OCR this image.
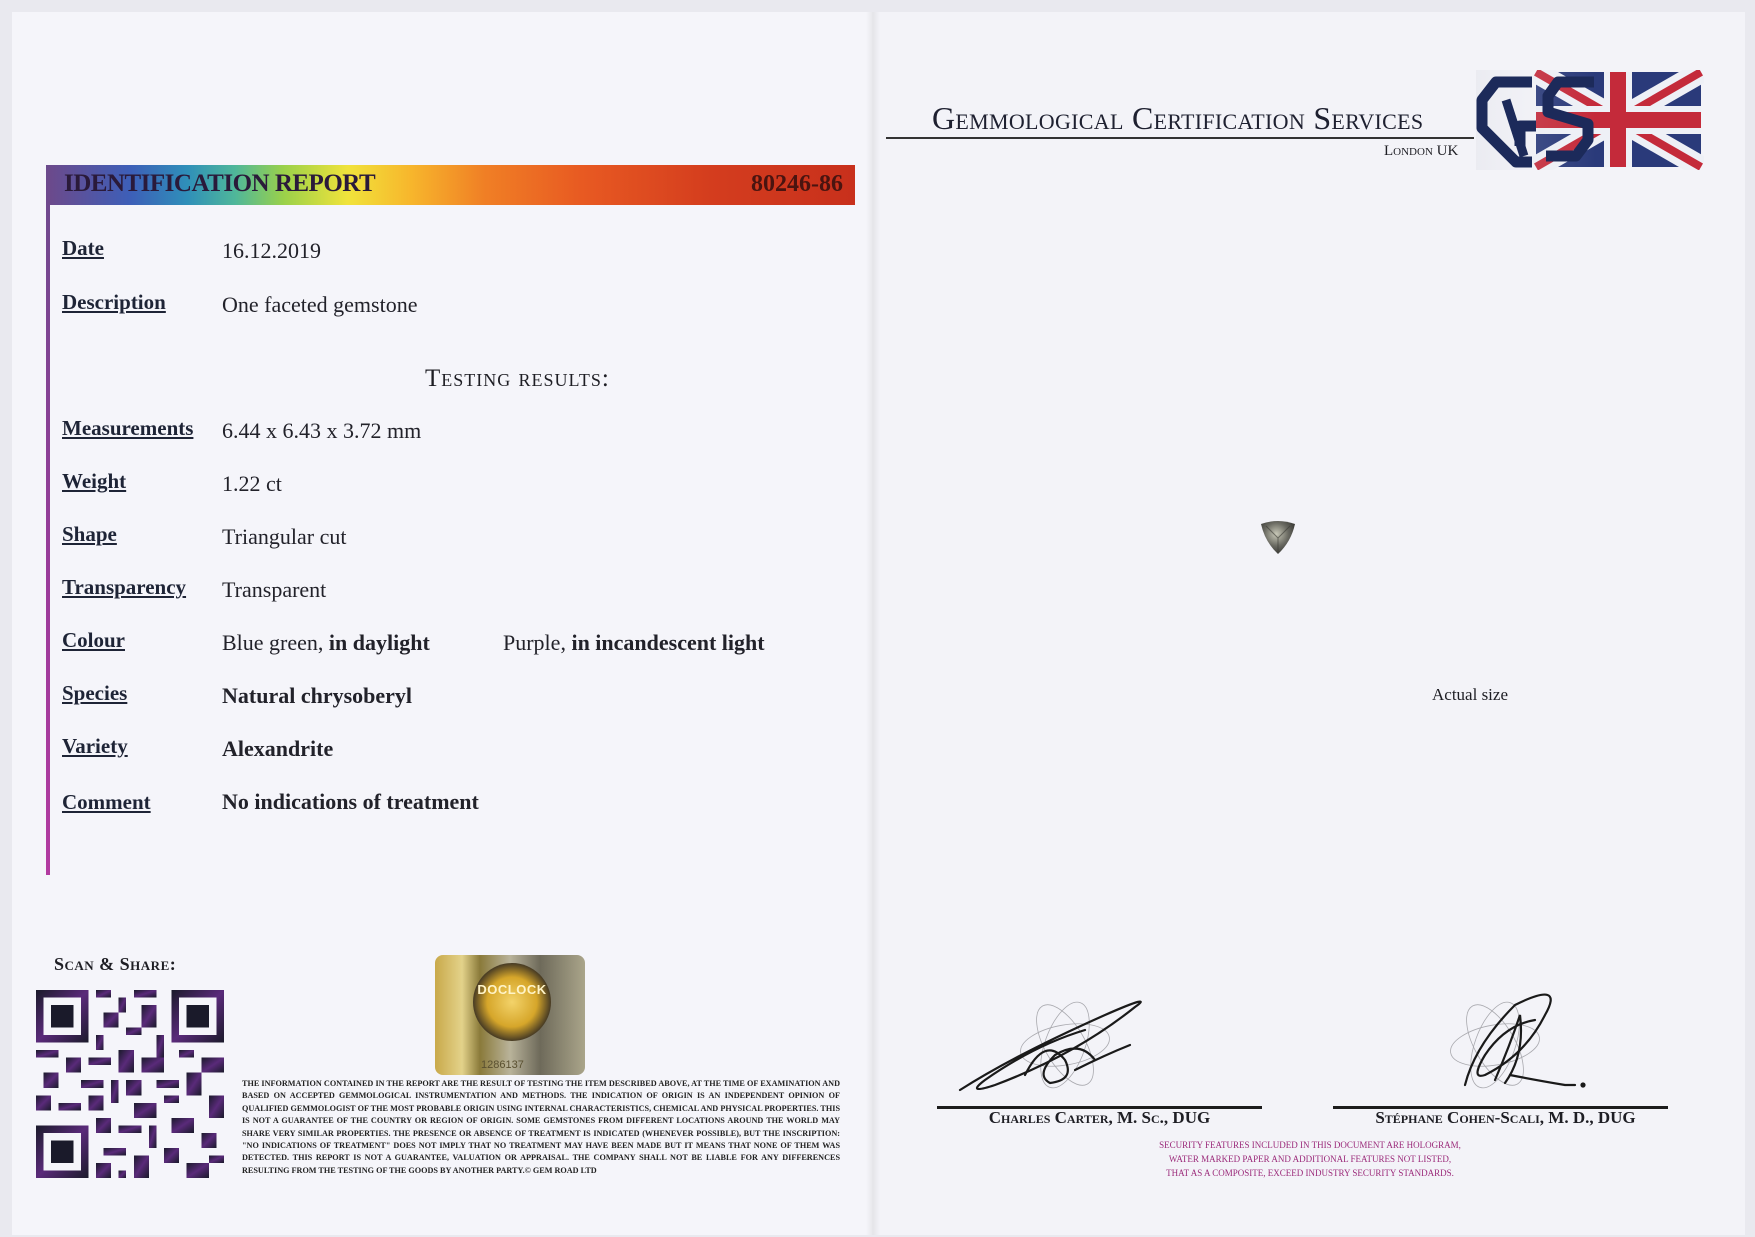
IDENTIFICATION REPORT	80246-86
Date	16.12.2019
Description	One faceted gemstone
Testing results:
Measurements 6.44 x 6.43 x 3.72 mm
Weight	1.22 ct
Shape	Triangular cut
Transparency Transparent
Colour	Blue green, in daylight	Purple, in incandescent light
Species	Natural chrysoberyl
Variety	Alexandrite
Comment	No indications of treatment
Scan & Share:
DOCLOCK
1286137
THE INFORMATION CONTAINED IN THE REPORT ARE THE RESULT OF TESTING THE ITEM DESCRIBED ABOVE, AT THE TIME OF EXAMINATION AND BASED ON ACCEPTED GEMMOLOGICAL INSTRUMENTATION AND METHODS. THE INDICATION OF ORIGIN IS AN INDEPENDENT OPINION OF QUALIFIED GEMMOLOGIST OF THE MOST PROBABLE ORIGIN USING INTERNAL CHARACTERISTICS, CHEMICAL AND PHYSICAL PROPERTIES. THIS IS NOT A GUARANTEE OF THE COUNTRY OR REGION OF ORIGIN. SOME GEMSTONES FROM DIFFERENT LOCATIONS AROUND THE WORLD MAY SHARE VERY SIMILAR PROPERTIES. THE PRESENCE OR ABSENCE OF TREATMENT IS INDICATED (WHENEVER POSSIBLE), BUT THE INSCRIPTION: "NO INDICATIONS OF TREATMENT" DOES NOT IMPLY THAT NO TREATMENT MAY HAVE BEEN MADE BUT IT MEANS THAT NONE OF THEM WAS DETECTED. THIS REPORT IS NOT A GUARANTEE, VALUATION OR APPRAISAL. THE COMPANY SHALL NOT BE LIABLE FOR ANY DIFFERENCES RESULTING FROM THE TESTING OF THE GOODS BY ANOTHER PARTY.© GEM ROAD LTD
Gemmological Certification Services
London UK
Actual size
Charles Carter, M. Sc., DUG	Stéphane Cohen-Scali, M. D., DUG
SECURITY FEATURES INCLUDED IN THIS DOCUMENT ARE HOLOGRAM,
WATER MARKED PAPER AND ADDITIONAL FEATURES NOT LISTED,
THAT AS A COMPOSITE, EXCEED INDUSTRY SECURITY STANDARDS.
